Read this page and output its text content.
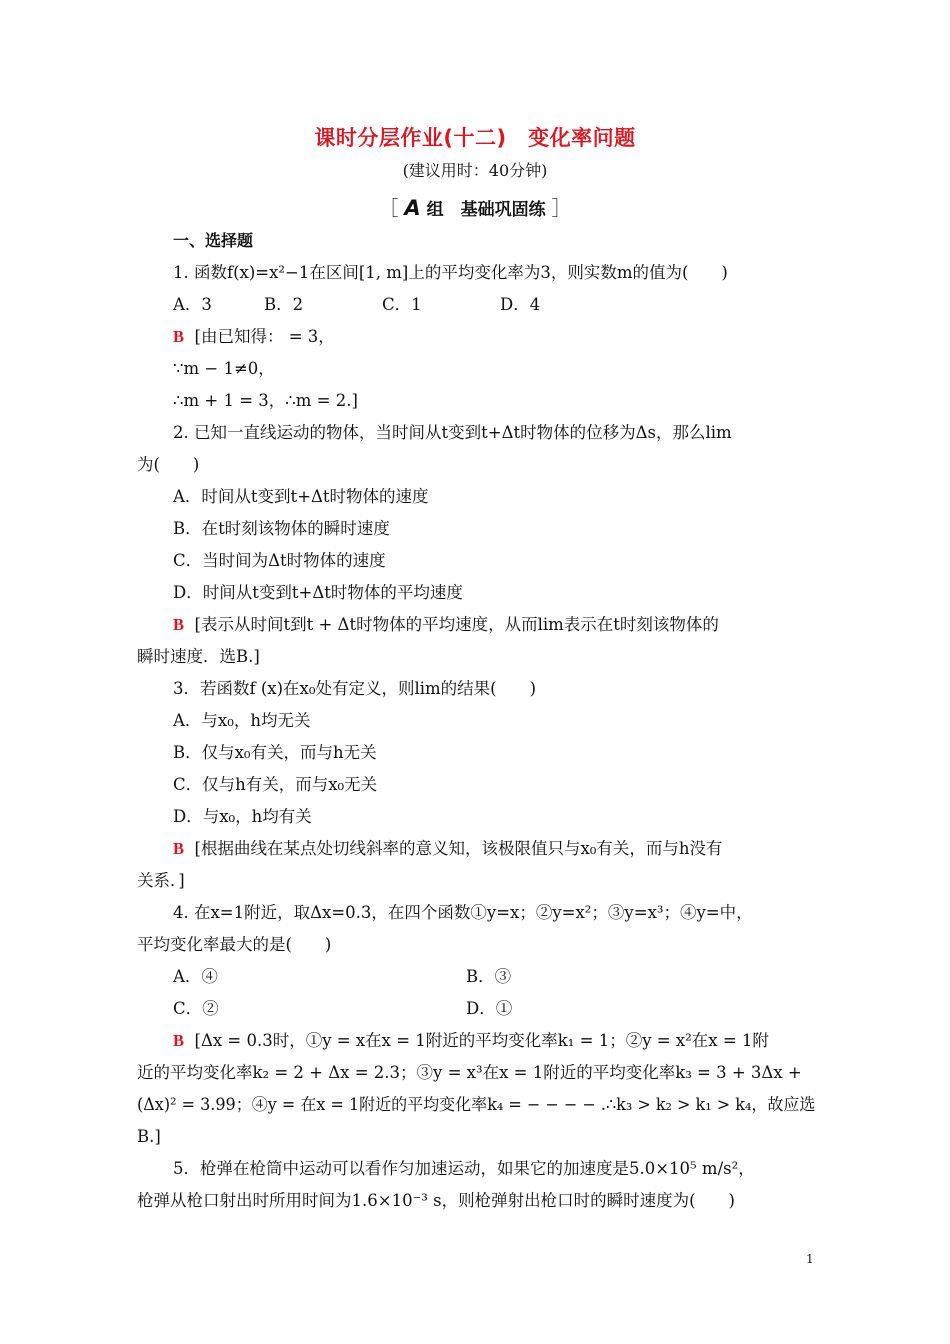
课时分层作业(十二)　变化率问题
(建议用时：40分钟)
［ A 组　基础巩固练 ］
一、选择题
1. 函数f(x)=x²−1在区间[1, m]上的平均变化率为3，则实数m的值为(　　)
A．3	B．2	C．1	D．4
B [由已知得： = 3，
∵m − 1≠0，
∴m + 1 = 3，∴m = 2.]
2. 已知一直线运动的物体，当时间从t变到t+Δt时物体的位移为Δs，那么lim
为(　　)
A．时间从t变到t+Δt时物体的速度
B．在t时刻该物体的瞬时速度
C．当时间为Δt时物体的速度
D．时间从t变到t+Δt时物体的平均速度
B [表示从时间t到t + Δt时物体的平均速度，从而lim表示在t时刻该物体的
瞬时速度．选B.]
3．若函数f (x)在x₀处有定义，则lim的结果(　　)
A．与x₀，h均无关
B．仅与x₀有关，而与h无关
C．仅与h有关，而与x₀无关
D．与x₀，h均有关
B [根据曲线在某点处切线斜率的意义知，该极限值只与x₀有关，而与h没有
关系．]
4. 在x=1附近，取Δx=0.3，在四个函数①y=x；②y=x²；③y=x³；④y=中，
平均变化率最大的是(　　)
A．④	B．③
C．②	D．①
B [Δx = 0.3时，①y = x在x = 1附近的平均变化率k₁ = 1；②y = x²在x = 1附
近的平均变化率k₂ = 2 + Δx = 2.3；③y = x³在x = 1附近的平均变化率k₃ = 3 + 3Δx +
(Δx)² = 3.99；④y = 在x = 1附近的平均变化率k₄ = − − − − .∴k₃ > k₂ > k₁ > k₄，故应选
B.]
5．枪弹在枪筒中运动可以看作匀加速运动，如果它的加速度是5.0×10⁵ m/s²，
枪弹从枪口射出时所用时间为1.6×10⁻³ s，则枪弹射出枪口时的瞬时速度为(　　)
1
